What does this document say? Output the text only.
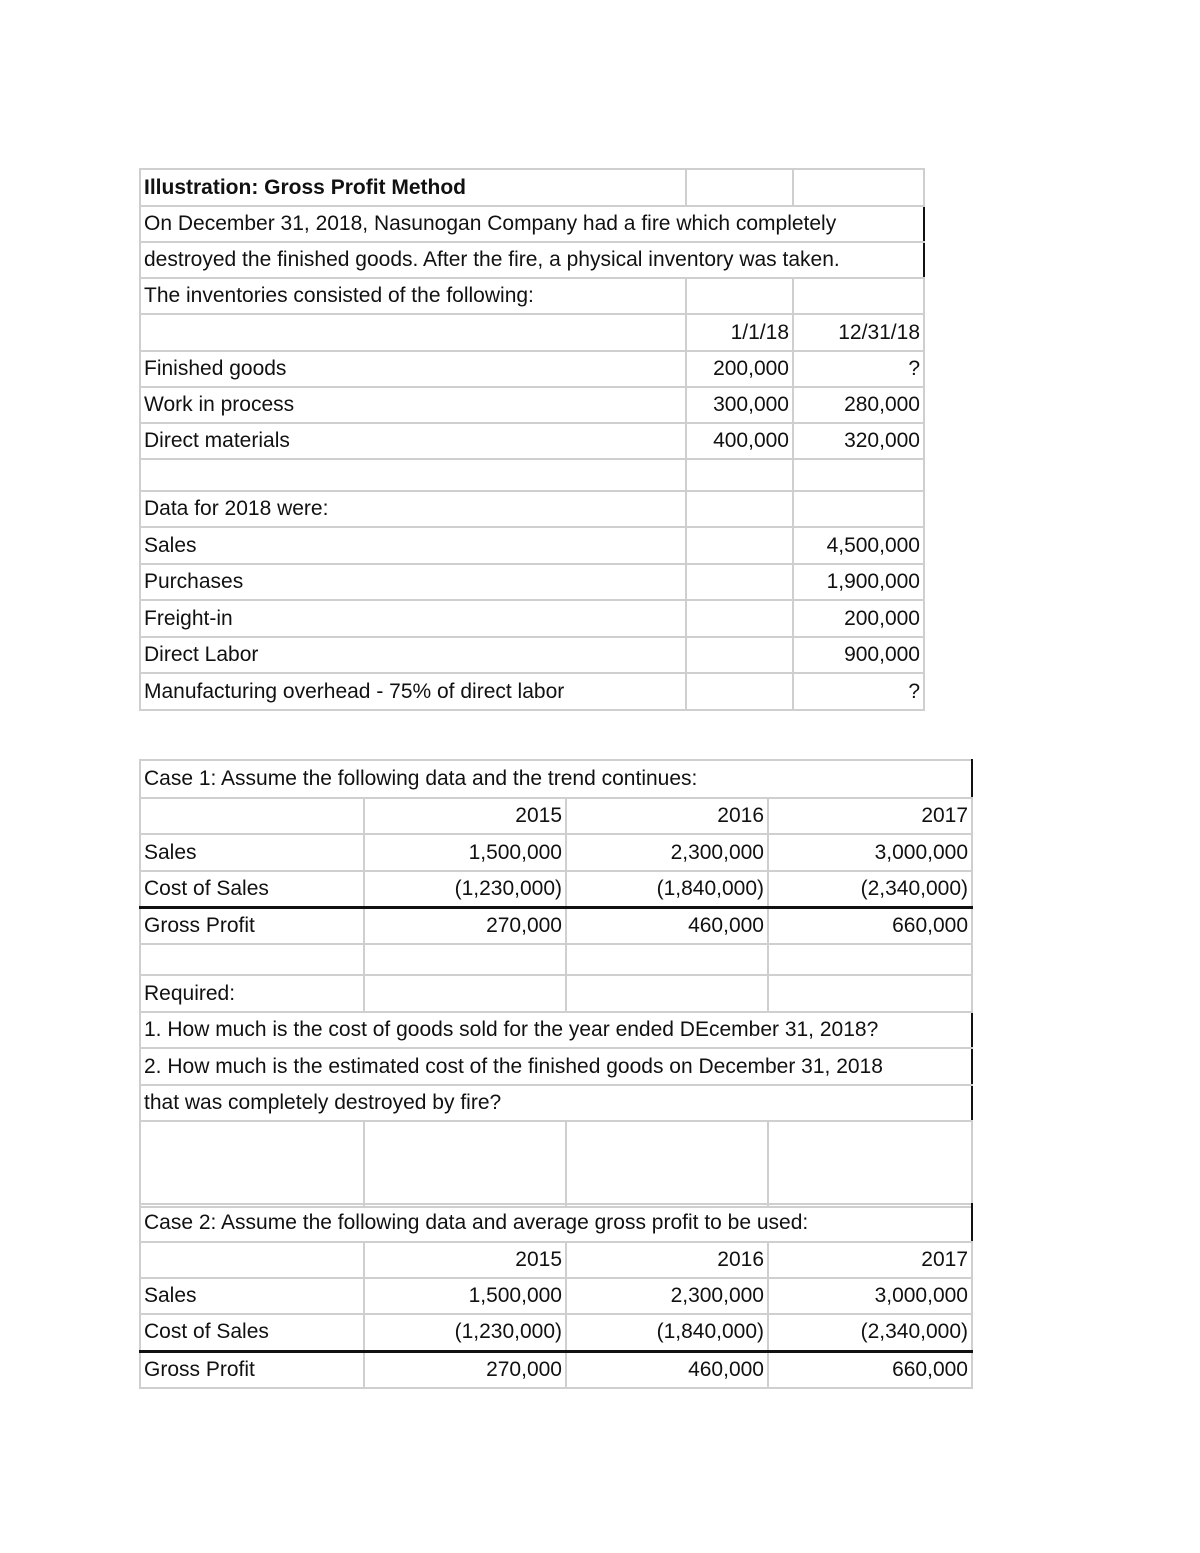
Illustration: Gross Profit Method		
On December 31, 2018, Nasunogan Company had a fire which completely		
destroyed the finished goods. After the fire, a physical inventory was taken.		
The inventories consisted of the following:		
	1/1/18	12/31/18
Finished goods	200,000	?
Work in process	300,000	280,000
Direct materials	400,000	320,000

Data for 2018 were:		
Sales		4,500,000
Purchases		1,900,000
Freight-in		200,000
Direct Labor		900,000
Manufacturing overhead - 75% of direct labor		?
Case 1: Assume the following data and the trend continues:			
	2015	2016	2017
Sales	1,500,000	2,300,000	3,000,000
Cost of Sales	(1,230,000)	(1,840,000)	(2,340,000)
Gross Profit	270,000	460,000	660,000

Required:			
1. How much is the cost of goods sold for the year ended DEcember 31, 2018?			
2. How much is the estimated cost of the finished goods on December 31, 2018			
that was completely destroyed by fire?			

Case 2: Assume the following data and average gross profit to be used:			
	2015	2016	2017
Sales	1,500,000	2,300,000	3,000,000
Cost of Sales	(1,230,000)	(1,840,000)	(2,340,000)
Gross Profit	270,000	460,000	660,000
